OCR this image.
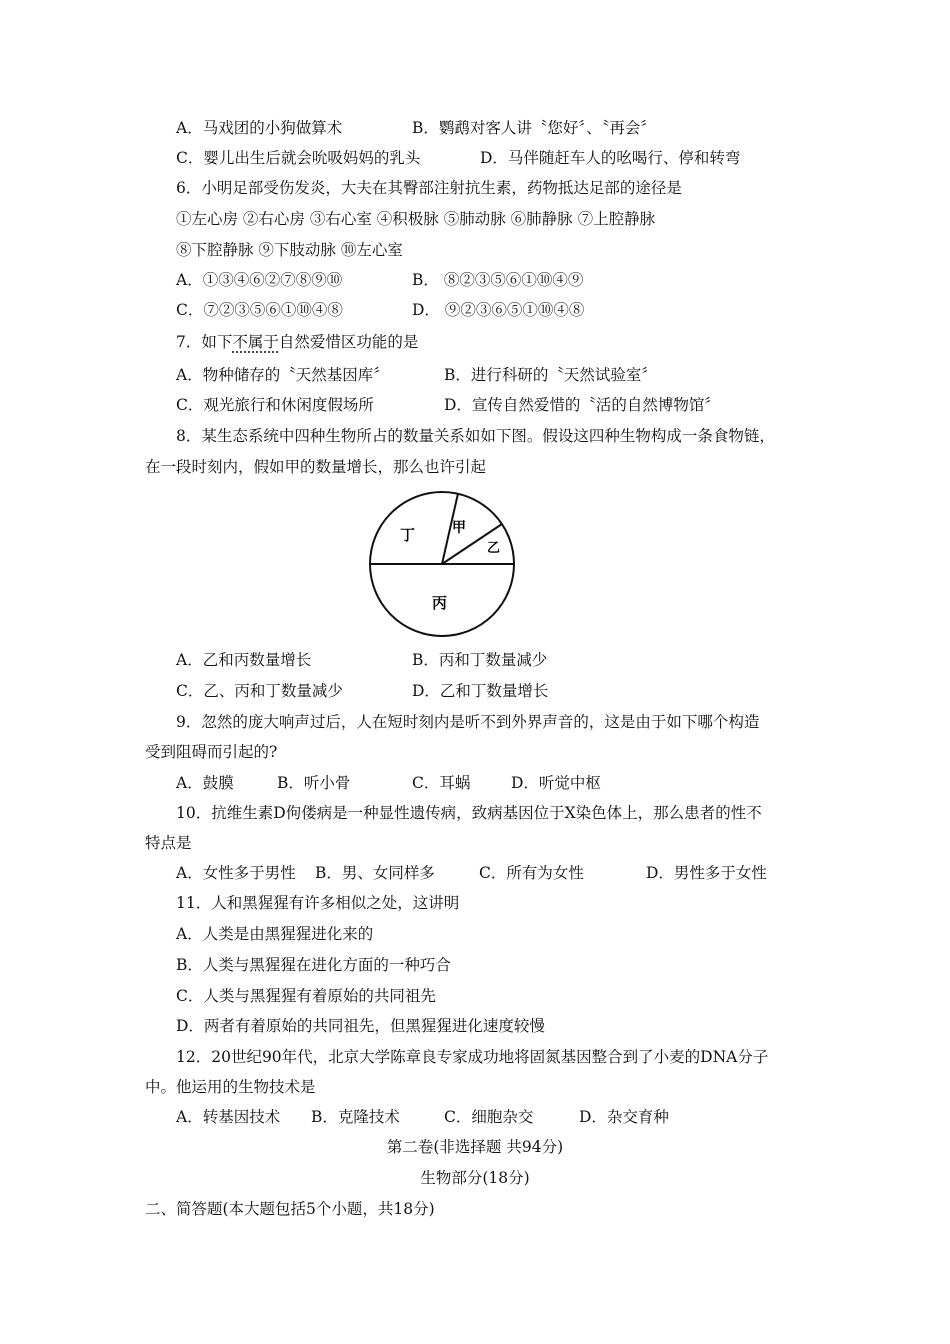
A．马戏团的小狗做算术	B．鹦鹉对客人讲〝您好〞、〝再会〞
C．婴儿出生后就会吮吸妈妈的乳头	D．马伴随赶车人的吆喝行、停和转弯
6．小明足部受伤发炎，大夫在其臀部注射抗生素，药物抵达足部的途径是
①左心房 ②右心房 ③右心室 ④积极脉 ⑤肺动脉 ⑥肺静脉 ⑦上腔静脉
⑧下腔静脉 ⑨下肢动脉 ⑩左心室
A．①③④⑥②⑦⑧⑨⑩	B． ⑧②③⑤⑥①⑩④⑨
C．⑦②③⑤⑥①⑩④⑧	D． ⑨②③⑥⑤①⑩④⑧
7．如下不属于自然爱惜区功能的是
A．物种储存的〝天然基因库〞	B．进行科研的〝天然试验室〞
C．观光旅行和休闲度假场所	D．宣传自然爱惜的〝活的自然博物馆〞
8．某生态系统中四种生物所占的数量关系如如下图。假设这四种生物构成一条食物链，
在一段时刻内，假如甲的数量增长，那么也许引起
丁	甲
乙
丙
A．乙和丙数量增长	B．丙和丁数量减少
C．乙、丙和丁数量减少	D．乙和丁数量增长
9．忽然的庞大响声过后，人在短时刻内是听不到外界声音的，这是由于如下哪个构造
受到阻碍而引起的?
A．鼓膜	B．听小骨	C．耳蜗	D．听觉中枢
10．抗维生素D佝偻病是一种显性遗传病，致病基因位于X染色体上，那么患者的性不
特点是
A．女性多于男性 B．男、女同样多	C．所有为女性	D．男性多于女性
11．人和黑猩猩有许多相似之处，这讲明
A．人类是由黑猩猩进化来的
B．人类与黑猩猩在进化方面的一种巧合
C．人类与黑猩猩有着原始的共同祖先
D．两者有着原始的共同祖先，但黑猩猩进化速度较慢
12．20世纪90年代，北京大学陈章良专家成功地将固氮基因整合到了小麦的DNA分子
中。他运用的生物技术是
A．转基因技术 B．克隆技术	C．细胞杂交	D．杂交育种
第二卷(非选择题 共94分)
生物部分(18分)
二、简答题(本大题包括5个小题，共18分)
